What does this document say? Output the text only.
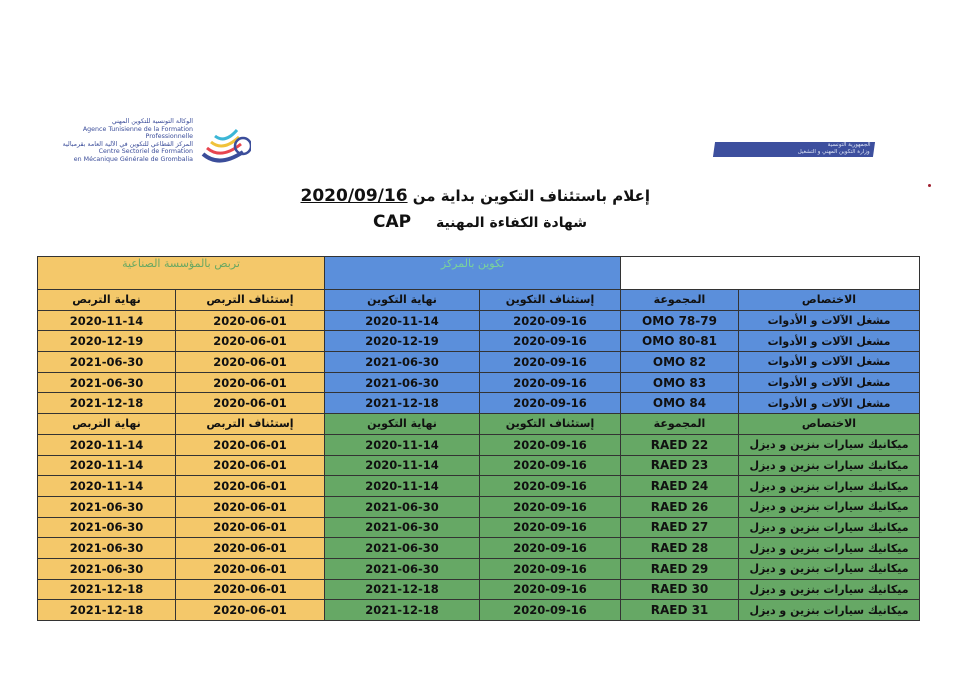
الوكالة التونسية للتكوين المهني
Agence Tunisienne de la Formation
Professionnelle
المركز القطاعي للتكوين في الآلية العامة بقرمبالية
Centre Sectoriel de Formation
en Mécanique Générale de Grombalia
الجمهورية التونسية
وزارة التكوين المهني و التشغيل
إعلام باستئناف التكوين بداية من 2020/09/16
شهادة الكفاءة المهنية CAP
تربص بالمؤسسة الصناعية		تكوين بالمركز			
نهاية التربص	إستئناف التربص	نهاية التكوين	إستئناف التكوين	المجموعة	الاختصاص
2020-11-14	2020-06-01	2020-11-14	2020-09-16	OMO 78-79	مشغل الآلات و الأدوات
2020-12-19	2020-06-01	2020-12-19	2020-09-16	OMO 80-81	مشغل الآلات و الأدوات
2021-06-30	2020-06-01	2021-06-30	2020-09-16	OMO 82	مشغل الآلات و الأدوات
2021-06-30	2020-06-01	2021-06-30	2020-09-16	OMO 83	مشغل الآلات و الأدوات
2021-12-18	2020-06-01	2021-12-18	2020-09-16	OMO 84	مشغل الآلات و الأدوات
نهاية التربص	إستئناف التربص	نهاية التكوين	إستئناف التكوين	المجموعة	الاختصاص
2020-11-14	2020-06-01	2020-11-14	2020-09-16	RAED 22	ميكانيك سيارات بنزين و ديزل
2020-11-14	2020-06-01	2020-11-14	2020-09-16	RAED 23	ميكانيك سيارات بنزين و ديزل
2020-11-14	2020-06-01	2020-11-14	2020-09-16	RAED 24	ميكانيك سيارات بنزين و ديزل
2021-06-30	2020-06-01	2021-06-30	2020-09-16	RAED 26	ميكانيك سيارات بنزين و ديزل
2021-06-30	2020-06-01	2021-06-30	2020-09-16	RAED 27	ميكانيك سيارات بنزين و ديزل
2021-06-30	2020-06-01	2021-06-30	2020-09-16	RAED 28	ميكانيك سيارات بنزين و ديزل
2021-06-30	2020-06-01	2021-06-30	2020-09-16	RAED 29	ميكانيك سيارات بنزين و ديزل
2021-12-18	2020-06-01	2021-12-18	2020-09-16	RAED 30	ميكانيك سيارات بنزين و ديزل
2021-12-18	2020-06-01	2021-12-18	2020-09-16	RAED 31	ميكانيك سيارات بنزين و ديزل
